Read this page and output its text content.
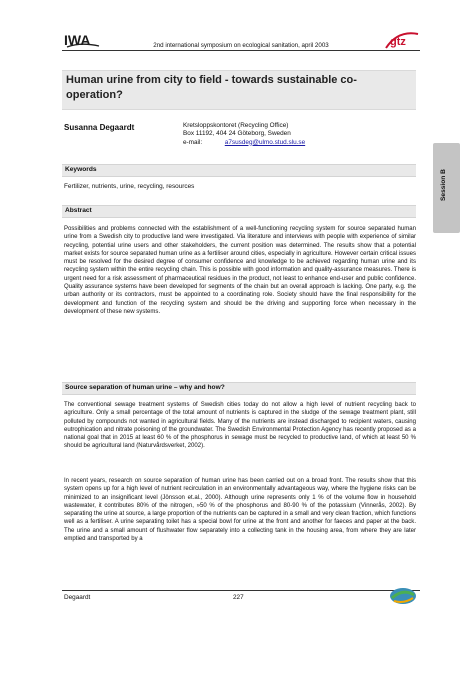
IWA	2nd international symposium on ecological sanitation, april 2003	gtz
Human urine from city to field - towards sustainable co-operation?
Susanna Degaardt	Kretsloppskontoret (Recycling Office)
Box 11192, 404 24 Göteborg, Sweden
e-mail:	a7susdeg@ulmo.stud.slu.se
Keywords
Fertilizer, nutrients, urine, recycling, resources
Abstract
Possibilities and problems connected with the establishment of a well-functioning recycling system for source separated human urine from a Swedish city to productive land were investigated. Via literature and interviews with people with experience of similar recycling, potential urine users and other stakeholders, the current position was determined. The results show that a potential market exists for source separated human urine as a fertiliser around cities, especially in agriculture. However certain critical issues must be resolved for the desired degree of consumer confidence and knowledge to be achieved regarding human urine and its recycling system within the entire recycling chain. This is possible with good information and quality-assurance measures. There is urgent need for a risk assessment of pharmaceutical residues in the product, not least to enhance end-user and public confidence. Quality assurance systems have been developed for segments of the chain but an overall approach is lacking. One party, e.g. the urban authority or its contractors, must be appointed to a coordinating role. Society should have the final responsibility for the development and function of the recycling system and should be the driving and supporting force when necessary in the development of these new systems.
Source separation of human urine – why and how?
The conventional sewage treatment systems of Swedish cities today do not allow a high level of nutrient recycling back to agriculture. Only a small percentage of the total amount of nutrients is captured in the sludge of the sewage treatment plant, still polluted by compounds not wanted in agricultural fields. Many of the nutrients are instead discharged to recipient waters, causing eutrophication and nitrate poisoning of the groundwater. The Swedish Environmental Protection Agency has recently proposed as a national goal that in 2015 at least 60 % of the phosphorus in sewage must be recycled to productive land, of which at least 50 % should be agricultural land (Naturvårdsverket, 2002).
In recent years, research on source separation of human urine has been carried out on a broad front. The results show that this system opens up for a high level of nutrient recirculation in an environmentally advantageous way, where the hygiene risks can be minimized to an insignificant level (Jönsson et.al., 2000). Although urine represents only 1 % of the volume flow in household wastewater, it contributes 80% of the nitrogen, »50 % of the phosphorus and 80-90 % of the potassium (Vinnerås, 2002). By separating the urine at source, a large proportion of the nutrients can be captured in a small and very clean fraction, which functions well as a fertiliser. A urine separating toilet has a special bowl for urine at the front and another for faeces and paper at the back. The urine and a small amount of flushwater flow separately into a collecting tank in the housing area, from where they are later emptied and transported by a
Session B
Degaardt	227
